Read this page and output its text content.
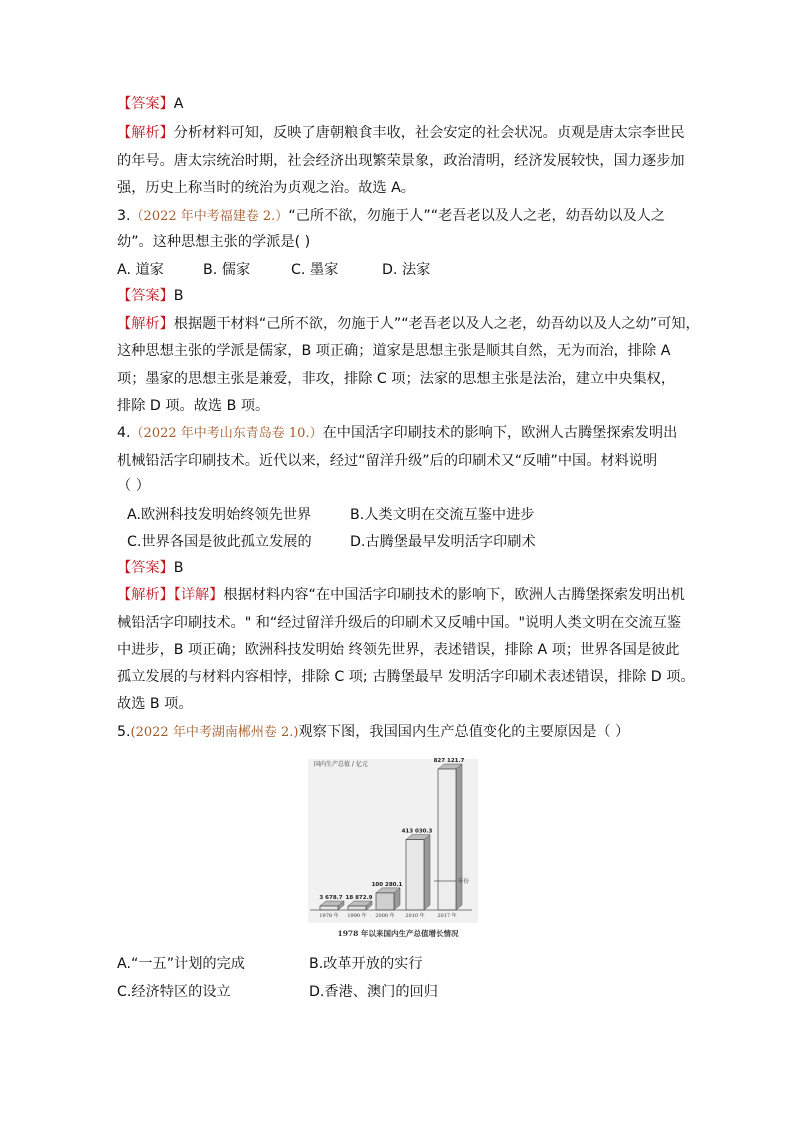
【答案】A
【解析】分析材料可知，反映了唐朝粮食丰收，社会安定的社会状况。贞观是唐太宗李世民
的年号。唐太宗统治时期，社会经济出现繁荣景象，政治清明，经济发展较快，国力逐步加
强，历史上称当时的统治为贞观之治。故选 A。
3.（2022 年中考福建卷 2.）“己所不欲，勿施于人”“老吾老以及人之老，幼吾幼以及人之
幼”。这种思想主张的学派是( )
A. 道家	B. 儒家	C. 墨家	D. 法家
【答案】B
【解析】根据题干材料“己所不欲，勿施于人”“老吾老以及人之老，幼吾幼以及人之幼”可知，
这种思想主张的学派是儒家，B 项正确；道家是思想主张是顺其自然，无为而治，排除 A
项；墨家的思想主张是兼爱，非攻，排除 C 项；法家的思想主张是法治，建立中央集权，
排除 D 项。故选 B 项。
4.（2022 年中考山东青岛卷 10.）在中国活字印刷技术的影响下，欧洲人古腾堡探索发明出
机械铅活字印刷技术。近代以来，经过“留洋升级”后的印刷术又“反哺”中国。材料说明
（ ）
A.欧洲科技发明始终领先世界	B.人类文明在交流互鉴中进步
C.世界各国是彼此孤立发展的	D.古腾堡最早发明活字印刷术
【答案】B
【解析】【详解】根据材料内容“在中国活字印刷技术的影响下，欧洲人古腾堡探索发明出机
械铅活字印刷技术。" 和“经过留洋升级后的印刷术又反哺中国。"说明人类文明在交流互鉴
中进步，B 项正确；欧洲科技发明始 终领先世界，表述错误，排除 A 项；世界各国是彼此
孤立发展的与材料内容相悖，排除 C 项; 古腾堡最早 发明活字印刷术表述错误，排除 D 项。
故选 B 项。
5.(2022 年中考湖南郴州卷 2.)观察下图，我国国内生产总值变化的主要原因是（ ）
3 678.7
1978 年
18 872.9
1990 年
100 280.1
2000 年
413 030.3
2010 年
827 121.7
2017 年
年份
国内生产总值 / 亿元
1978 年以来国内生产总值增长情况
A.“一五”计划的完成	B.改革开放的实行
C.经济特区的设立	D.香港、澳门的回归
